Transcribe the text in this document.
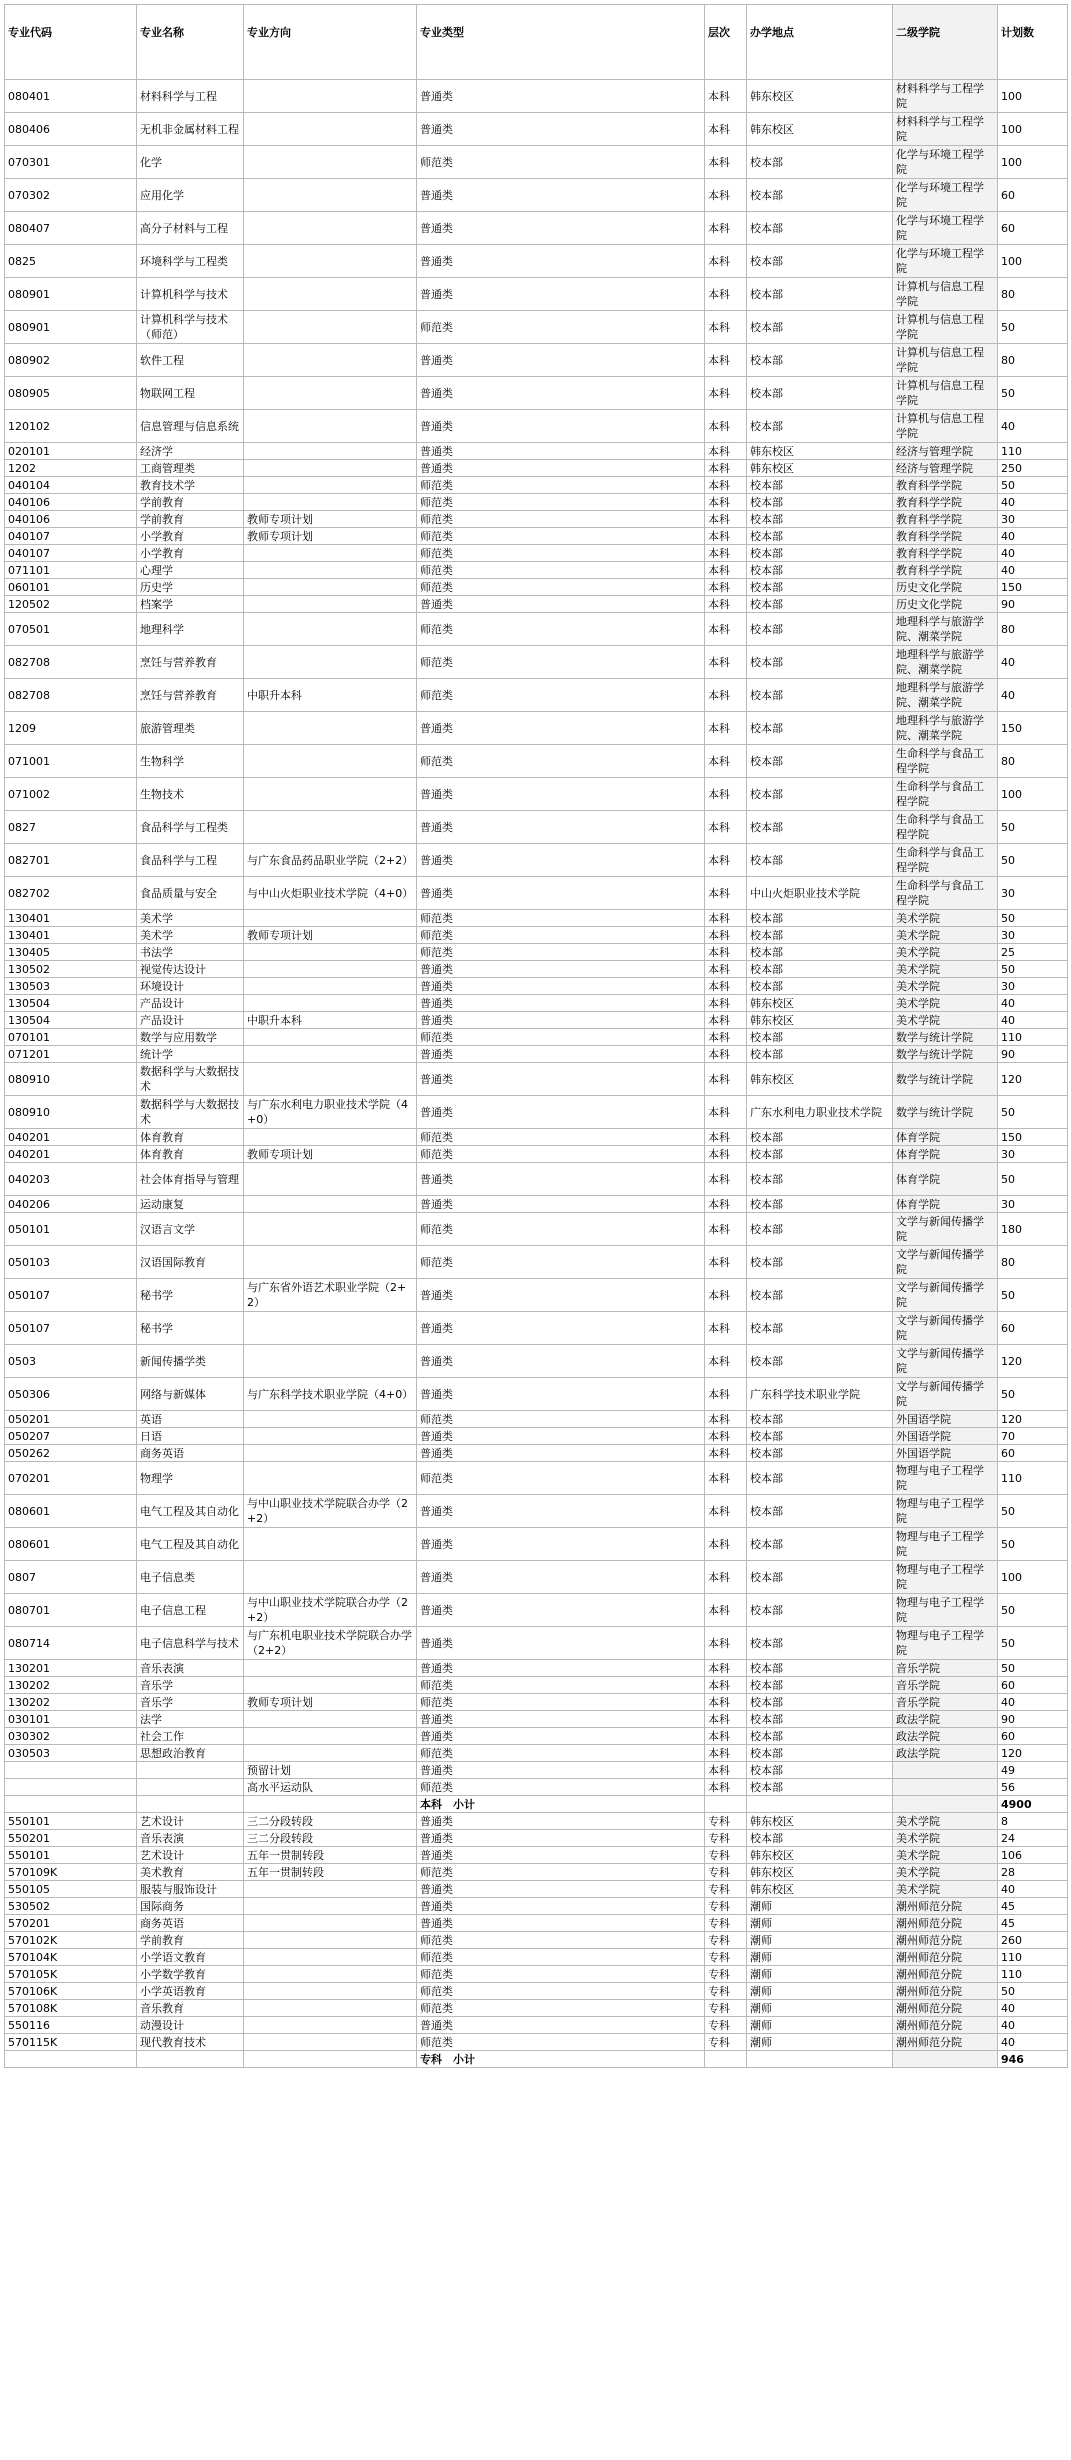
专业代码	专业名称	专业方向	专业类型	层次	办学地点	二级学院	计划数
080401	材料科学与工程		普通类	本科	韩东校区	材料科学与工程学院	100
080406	无机非金属材料工程		普通类	本科	韩东校区	材料科学与工程学院	100
070301	化学		师范类	本科	校本部	化学与环境工程学院	100
070302	应用化学		普通类	本科	校本部	化学与环境工程学院	60
080407	高分子材料与工程		普通类	本科	校本部	化学与环境工程学院	60
0825	环境科学与工程类		普通类	本科	校本部	化学与环境工程学院	100
080901	计算机科学与技术		普通类	本科	校本部	计算机与信息工程学院	80
080901	计算机科学与技术（师范）		师范类	本科	校本部	计算机与信息工程学院	50
080902	软件工程		普通类	本科	校本部	计算机与信息工程学院	80
080905	物联网工程		普通类	本科	校本部	计算机与信息工程学院	50
120102	信息管理与信息系统		普通类	本科	校本部	计算机与信息工程学院	40
020101	经济学		普通类	本科	韩东校区	经济与管理学院	110
1202	工商管理类		普通类	本科	韩东校区	经济与管理学院	250
040104	教育技术学		师范类	本科	校本部	教育科学学院	50
040106	学前教育		师范类	本科	校本部	教育科学学院	40
040106	学前教育	教师专项计划	师范类	本科	校本部	教育科学学院	30
040107	小学教育	教师专项计划	师范类	本科	校本部	教育科学学院	40
040107	小学教育		师范类	本科	校本部	教育科学学院	40
071101	心理学		师范类	本科	校本部	教育科学学院	40
060101	历史学		师范类	本科	校本部	历史文化学院	150
120502	档案学		普通类	本科	校本部	历史文化学院	90
070501	地理科学		师范类	本科	校本部	地理科学与旅游学院、潮菜学院	80
082708	烹饪与营养教育		师范类	本科	校本部	地理科学与旅游学院、潮菜学院	40
082708	烹饪与营养教育	中职升本科	师范类	本科	校本部	地理科学与旅游学院、潮菜学院	40
1209	旅游管理类		普通类	本科	校本部	地理科学与旅游学院、潮菜学院	150
071001	生物科学		师范类	本科	校本部	生命科学与食品工程学院	80
071002	生物技术		普通类	本科	校本部	生命科学与食品工程学院	100
0827	食品科学与工程类		普通类	本科	校本部	生命科学与食品工程学院	50
082701	食品科学与工程	与广东食品药品职业学院（2+2）	普通类	本科	校本部	生命科学与食品工程学院	50
082702	食品质量与安全	与中山火炬职业技术学院（4+0）	普通类	本科	中山火炬职业技术学院	生命科学与食品工程学院	30
130401	美术学		师范类	本科	校本部	美术学院	50
130401	美术学	教师专项计划	师范类	本科	校本部	美术学院	30
130405	书法学		师范类	本科	校本部	美术学院	25
130502	视觉传达设计		普通类	本科	校本部	美术学院	50
130503	环境设计		普通类	本科	校本部	美术学院	30
130504	产品设计		普通类	本科	韩东校区	美术学院	40
130504	产品设计	中职升本科	普通类	本科	韩东校区	美术学院	40
070101	数学与应用数学		师范类	本科	校本部	数学与统计学院	110
071201	统计学		普通类	本科	校本部	数学与统计学院	90
080910	数据科学与大数据技术		普通类	本科	韩东校区	数学与统计学院	120
080910	数据科学与大数据技术	与广东水利电力职业技术学院（4+0）	普通类	本科	广东水利电力职业技术学院	数学与统计学院	50
040201	体育教育		师范类	本科	校本部	体育学院	150
040201	体育教育	教师专项计划	师范类	本科	校本部	体育学院	30
040203	社会体育指导与管理		普通类	本科	校本部	体育学院	50
040206	运动康复		普通类	本科	校本部	体育学院	30
050101	汉语言文学		师范类	本科	校本部	文学与新闻传播学院	180
050103	汉语国际教育		师范类	本科	校本部	文学与新闻传播学院	80
050107	秘书学	与广东省外语艺术职业学院（2+2）	普通类	本科	校本部	文学与新闻传播学院	50
050107	秘书学		普通类	本科	校本部	文学与新闻传播学院	60
0503	新闻传播学类		普通类	本科	校本部	文学与新闻传播学院	120
050306	网络与新媒体	与广东科学技术职业学院（4+0）	普通类	本科	广东科学技术职业学院	文学与新闻传播学院	50
050201	英语		师范类	本科	校本部	外国语学院	120
050207	日语		普通类	本科	校本部	外国语学院	70
050262	商务英语		普通类	本科	校本部	外国语学院	60
070201	物理学		师范类	本科	校本部	物理与电子工程学院	110
080601	电气工程及其自动化	与中山职业技术学院联合办学（2+2）	普通类	本科	校本部	物理与电子工程学院	50
080601	电气工程及其自动化		普通类	本科	校本部	物理与电子工程学院	50
0807	电子信息类		普通类	本科	校本部	物理与电子工程学院	100
080701	电子信息工程	与中山职业技术学院联合办学（2+2）	普通类	本科	校本部	物理与电子工程学院	50
080714	电子信息科学与技术	与广东机电职业技术学院联合办学（2+2）	普通类	本科	校本部	物理与电子工程学院	50
130201	音乐表演		普通类	本科	校本部	音乐学院	50
130202	音乐学		师范类	本科	校本部	音乐学院	60
130202	音乐学	教师专项计划	师范类	本科	校本部	音乐学院	40
030101	法学		普通类	本科	校本部	政法学院	90
030302	社会工作		普通类	本科	校本部	政法学院	60
030503	思想政治教育		师范类	本科	校本部	政法学院	120
		预留计划	普通类	本科	校本部		49
		高水平运动队	师范类	本科	校本部		56
			本科　小计				4900
550101	艺术设计	三二分段转段	普通类	专科	韩东校区	美术学院	8
550201	音乐表演	三二分段转段	普通类	专科	校本部	美术学院	24
550101	艺术设计	五年一贯制转段	普通类	专科	韩东校区	美术学院	106
570109K	美术教育	五年一贯制转段	师范类	专科	韩东校区	美术学院	28
550105	服装与服饰设计		普通类	专科	韩东校区	美术学院	40
530502	国际商务		普通类	专科	潮师	潮州师范分院	45
570201	商务英语		普通类	专科	潮师	潮州师范分院	45
570102K	学前教育		师范类	专科	潮师	潮州师范分院	260
570104K	小学语文教育		师范类	专科	潮师	潮州师范分院	110
570105K	小学数学教育		师范类	专科	潮师	潮州师范分院	110
570106K	小学英语教育		师范类	专科	潮师	潮州师范分院	50
570108K	音乐教育		师范类	专科	潮师	潮州师范分院	40
550116	动漫设计		普通类	专科	潮师	潮州师范分院	40
570115K	现代教育技术		师范类	专科	潮师	潮州师范分院	40
			专科　小计				946
